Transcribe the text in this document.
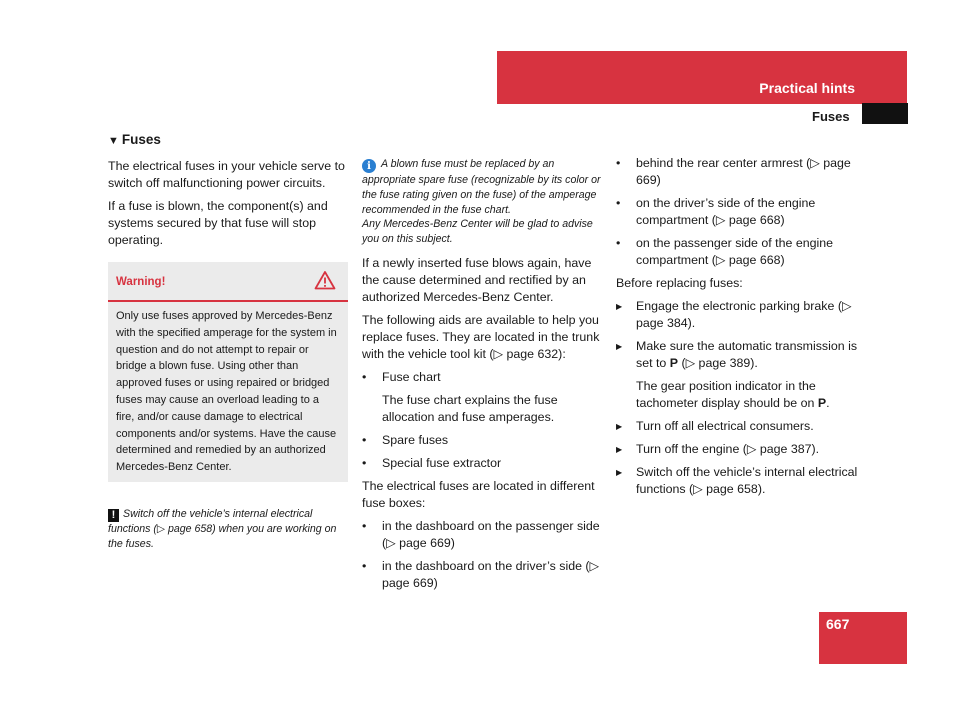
Practical hints
Fuses
▼ Fuses

The electrical fuses in your vehicle serve to switch off malfunctioning power circuits.

If a fuse is blown, the component(s) and systems secured by that fuse will stop operating.

Warning!
Only use fuses approved by Mercedes-Benz with the specified amperage for the system in question and do not attempt to repair or bridge a blown fuse. Using other than approved fuses or using repaired or bridged fuses may cause an overload leading to a fire, and/or cause damage to electrical components and/or systems. Have the cause determined and remedied by an authorized Mercedes-Benz Center.
! Switch off the vehicle’s internal electrical functions (▷ page 658) when you are working on the fuses.
i A blown fuse must be replaced by an appropriate spare fuse (recognizable by its color or the fuse rating given on the fuse) of the amperage recommended in the fuse chart.
Any Mercedes-Benz Center will be glad to advise you on this subject.

If a newly inserted fuse blows again, have the cause determined and rectified by an authorized Mercedes-Benz Center.

The following aids are available to help you replace fuses. They are located in the trunk with the vehicle tool kit (▷ page 632):

• Fuse chart
The fuse chart explains the fuse allocation and fuse amperages.
• Spare fuses
• Special fuse extractor

The electrical fuses are located in different fuse boxes:

• in the dashboard on the passenger side (▷ page 669)
• in the dashboard on the driver’s side (▷ page 669)
• behind the rear center armrest (▷ page 669)
• on the driver’s side of the engine compartment (▷ page 668)
• on the passenger side of the engine compartment (▷ page 668)

Before replacing fuses:

▶ Engage the electronic parking brake (▷ page 384).
▶ Make sure the automatic transmission is set to P (▷ page 389).
The gear position indicator in the tachometer display should be on P.
▶ Turn off all electrical consumers.
▶ Turn off the engine (▷ page 387).
▶ Switch off the vehicle’s internal electrical functions (▷ page 658).
667
